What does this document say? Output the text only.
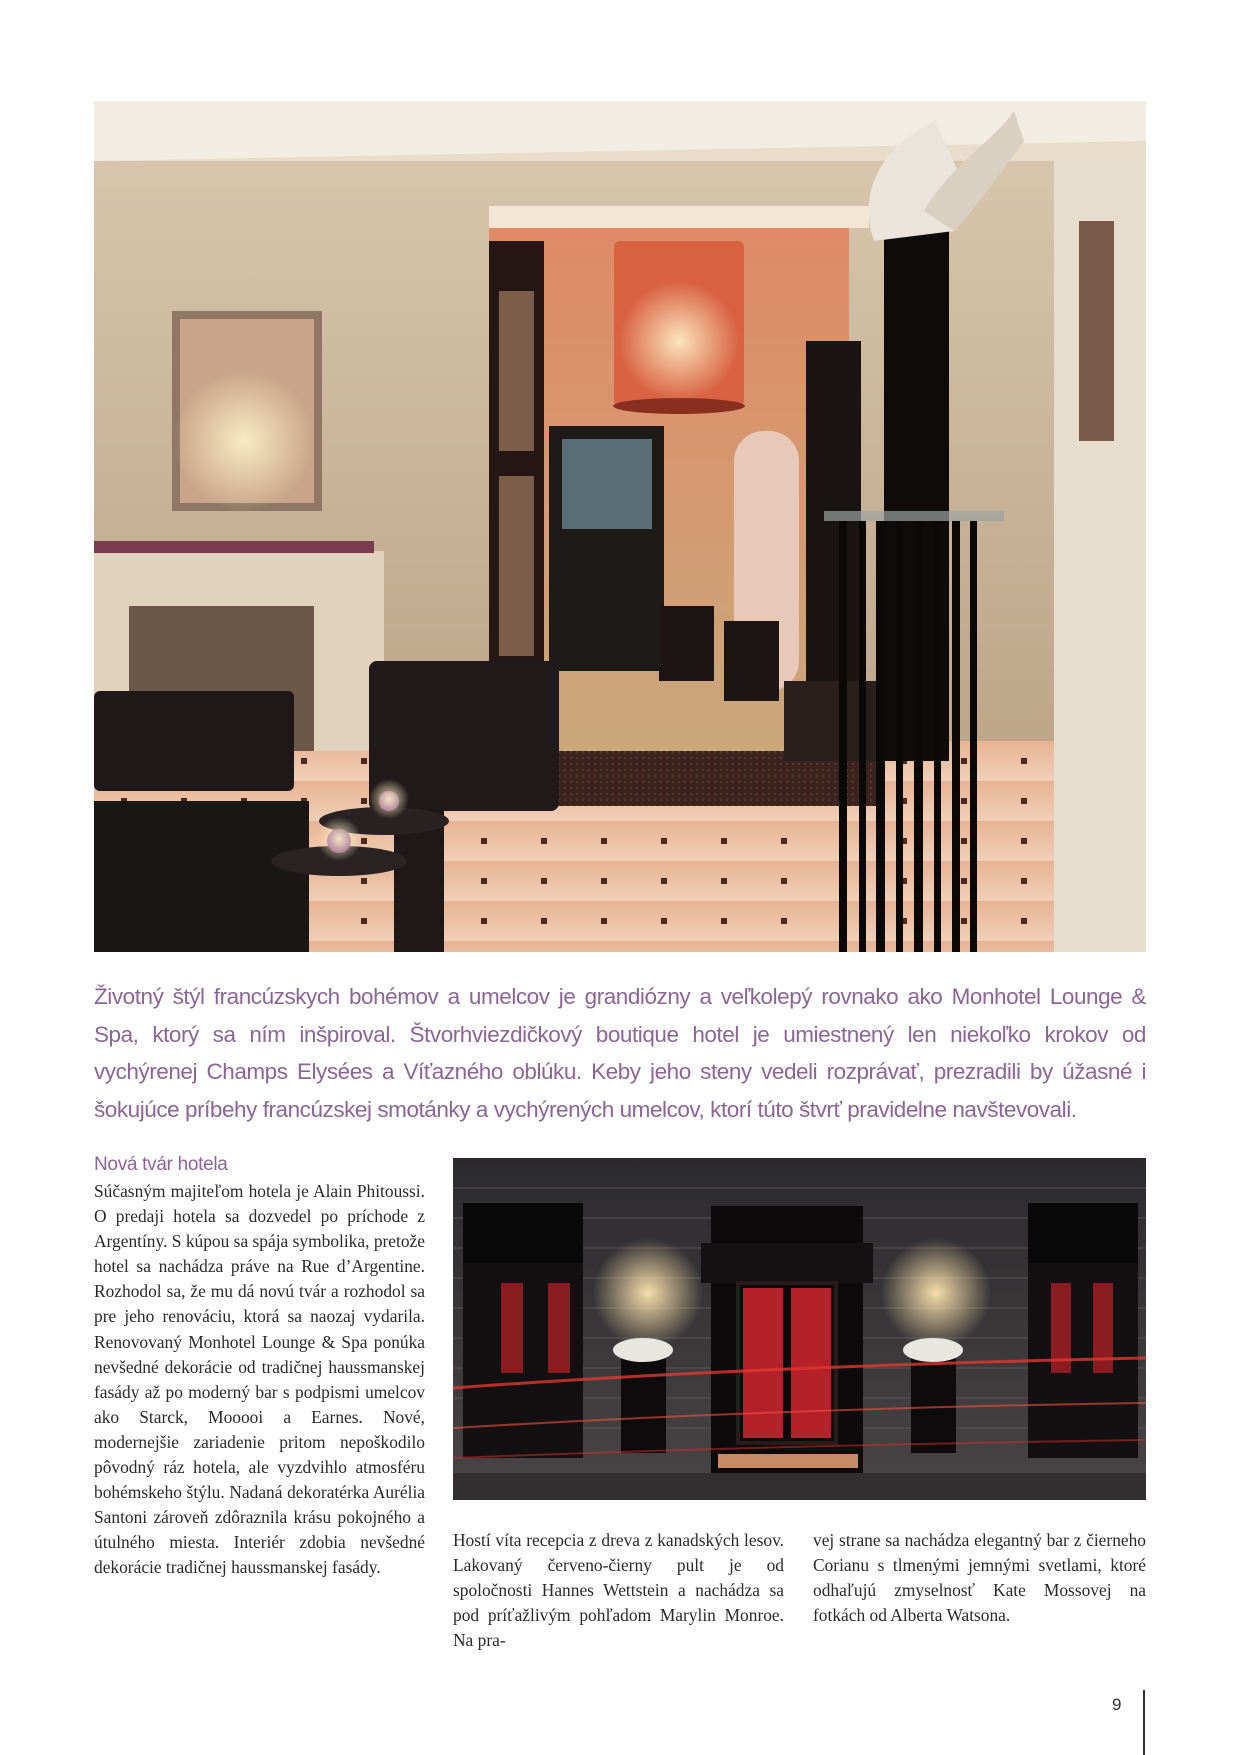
Životný štýl francúzskych bohémov a umelcov je grandiózny a veľkolepý rovnako ako Monhotel Lounge & Spa, ktorý sa ním inšpiroval. Štvorhviezdičkový boutique hotel je umiestnený len niekoľko krokov od vychýrenej Champs Elysées a Víťazného oblúku. Keby jeho steny vedeli rozprávať, prezradili by úžasné i šokujúce príbehy francúzskej smotánky a vychýrených umelcov, ktorí túto štvrť pravidelne navštevovali.

Nová tvár hotela

Súčasným majiteľom hotela je Alain Phitoussi. O predaji hotela sa dozvedel po príchode z Argentíny. S kúpou sa spája symbolika, pretože hotel sa nachádza práve na Rue d’Argentine. Rozhodol sa, že mu dá novú tvár a rozhodol sa pre jeho renováciu, ktorá sa naozaj vydarila. Renovovaný Monhotel Lounge & Spa ponúka nevšedné dekorácie od tradičnej haussmanskej fasády až po moderný bar s podpismi umelcov ako Starck, Mooooi a Earnes. Nové, modernejšie zariadenie pritom nepoškodilo pôvodný ráz hotela, ale vyzdvihlo atmosféru bohémskeho štýlu. Nadaná dekoratérka Aurélia Santoni zároveň zdôraznila krásu pokojného a útulného miesta. Interiér zdobia nevšedné dekorácie tradičnej haussmanskej fasády.

Hostí víta recepcia z dreva z kanadských lesov. Lakovaný červeno-čierny pult je od spoločnosti Hannes Wettstein a nachádza sa pod príťažlivým pohľadom Marylin Monroe. Na pra-

vej strane sa nachádza elegantný bar z čierneho Corianu s tlmenými jemnými svetlami, ktoré odhaľujú zmyselnosť Kate Mossovej na fotkách od Alberta Watsona.

9
